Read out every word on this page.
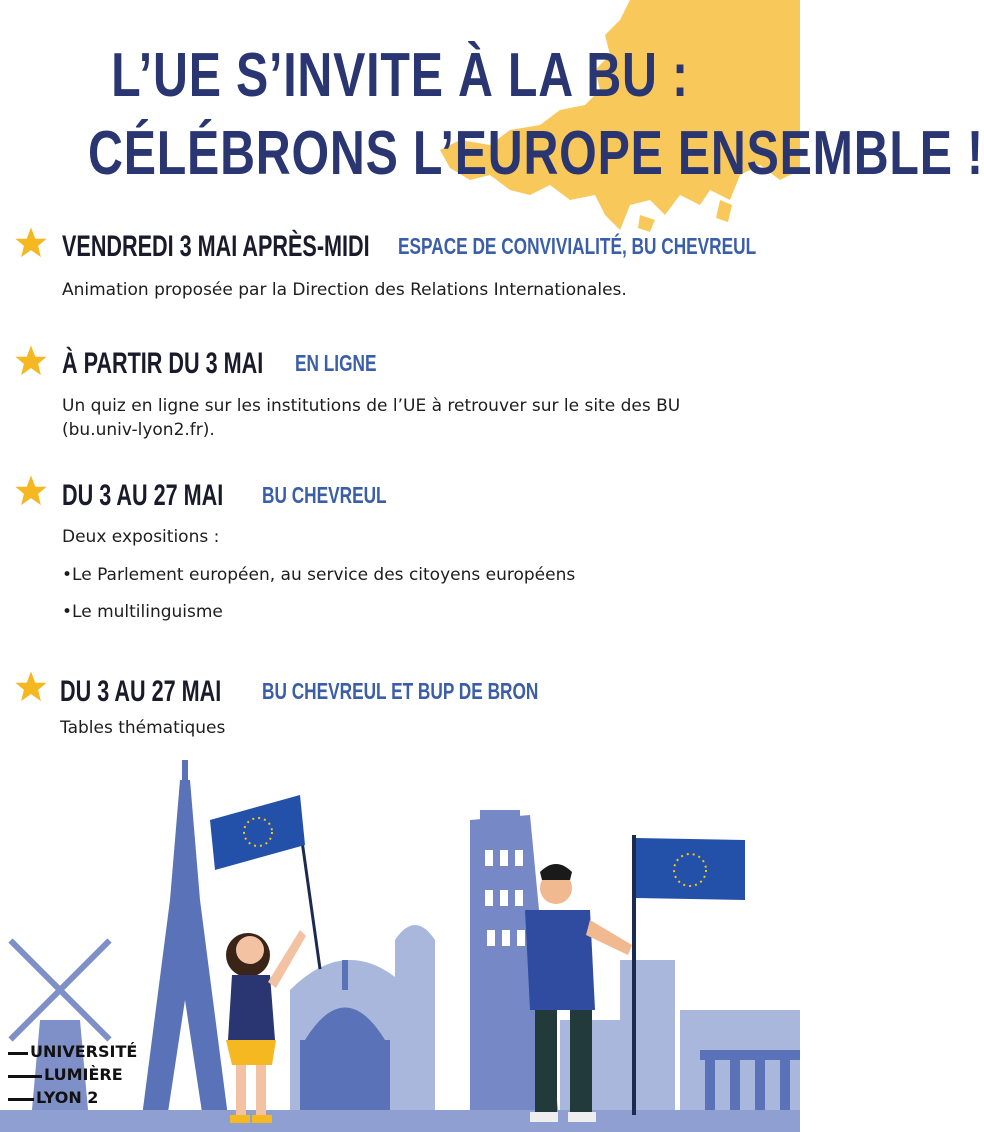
L’UE S’INVITE À LA BU :
CÉLÉBRONS L’EUROPE ENSEMBLE !
VENDREDI 3 MAI APRÈS-MIDI ESPACE DE CONVIVIALITÉ, BU CHEVREUL
Animation proposée par la Direction des Relations Internationales.
À PARTIR DU 3 MAI EN LIGNE
Un quiz en ligne sur les institutions de l’UE à retrouver sur le site des BU
(bu.univ-lyon2.fr).
DU 3 AU 27 MAI BU CHEVREUL
Deux expositions :
•Le Parlement européen, au service des citoyens européens
•Le multilinguisme
DU 3 AU 27 MAI BU CHEVREUL ET BUP DE BRON
Tables thématiques
UNIVERSITÉ
LUMIÈRE
LYON 2
